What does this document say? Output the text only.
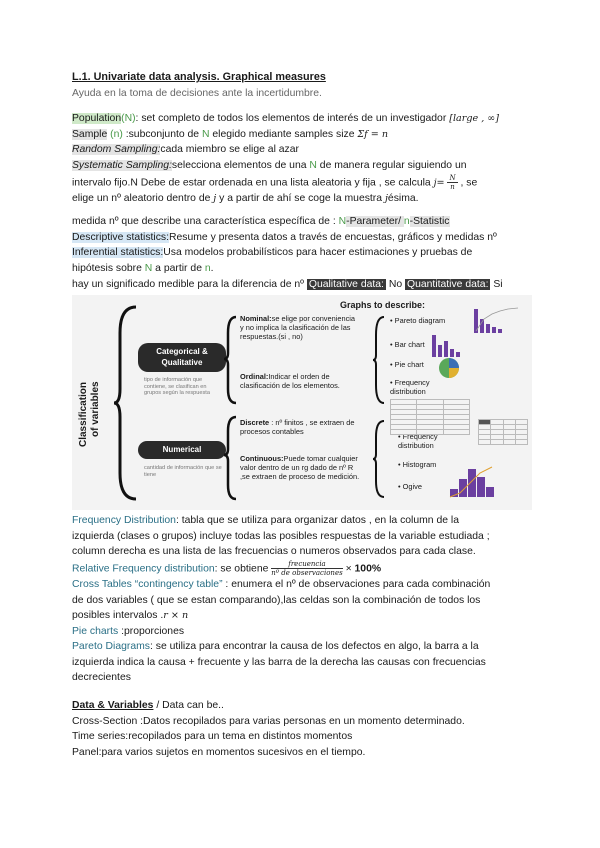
L.1. Univariate data analysis. Graphical measures
Ayuda en la toma de decisiones ante la incertidumbre.
Population(N): set completo de todos los elementos de interés de un investigador [large , ∞]
Sample (n) :subconjunto de N elegido mediante samples size Σf = n
Random Sampling:cada miembro se elige al azar
Systematic Sampling:selecciona elementos de una N de manera regular siguiendo un
intervalo fijo.N Debe de estar ordenada en una lista aleatoria y fija , se calcula $j= \frac{N}{n}$ , se
elige un nº aleatorio dentro de j y a partir de ahí se coge la muestra jésima.
medida nº que describe una característica específica de : N-Parameter/ n-Statistic
Descriptive statistics:Resume y presenta datos a través de encuestas, gráficos y medidas nº
Inferential statistics:Usa modelos probabilísticos para hacer estimaciones y pruebas de
hipótesis sobre N a partir de n.
hay un significado medible para la diferencia de nº Qualitative data: No Quantitative data: Si
Classification of variables
Categorical & Qualitative
tipo de información que contiene, se clasifican en grupos según la respuesta
Numerical
cantidad de información que se tiene
Nominal:se elige por conveniencia y no implica la clasificación de las respuestas.(si , no)
Ordinal:Indicar el orden de clasificación de los elementos.
Discrete : nº finitos , se extraen de procesos contables
Continuous:Puede tomar cualquier valor dentro de un rg dado de nº R ,se extraen de proceso de medición.
Graphs to describe:
• Pareto diagram
• Bar chart
• Pie chart
• Frequency distribution
• Frequency distribution
• Histogram
• Ogive

Frequency Distribution: tabla que se utiliza para organizar datos , en la column de la
izquierda (clases o grupos) incluye todas las posibles respuestas de la variable estudiada ;
column derecha es una lista de las frecuencias o numeros observados para cada clase.
Relative Frequency distribution: se obtiene $\frac{\text{frecuencia}}{\text{nº de observaciones}} \times 100\%$
Cross Tables “contingency table” : enumera el nº de observaciones para cada combinación
de dos variables ( que se estan comparando),las celdas son la combinación de todos los
posibles intervalos .r × n
Pie charts :proporciones
Pareto Diagrams: se utiliza para encontrar la causa de los defectos en algo, la barra a la
izquierda indica la causa + frecuente y las barra de la derecha las causas con frecuencias
decrecientes
Data & Variables / Data can be..
Cross-Section :Datos recopilados para varias personas en un momento determinado.
Time series:recopilados para un tema en distintos momentos
Panel:para varios sujetos en momentos sucesivos en el tiempo.
